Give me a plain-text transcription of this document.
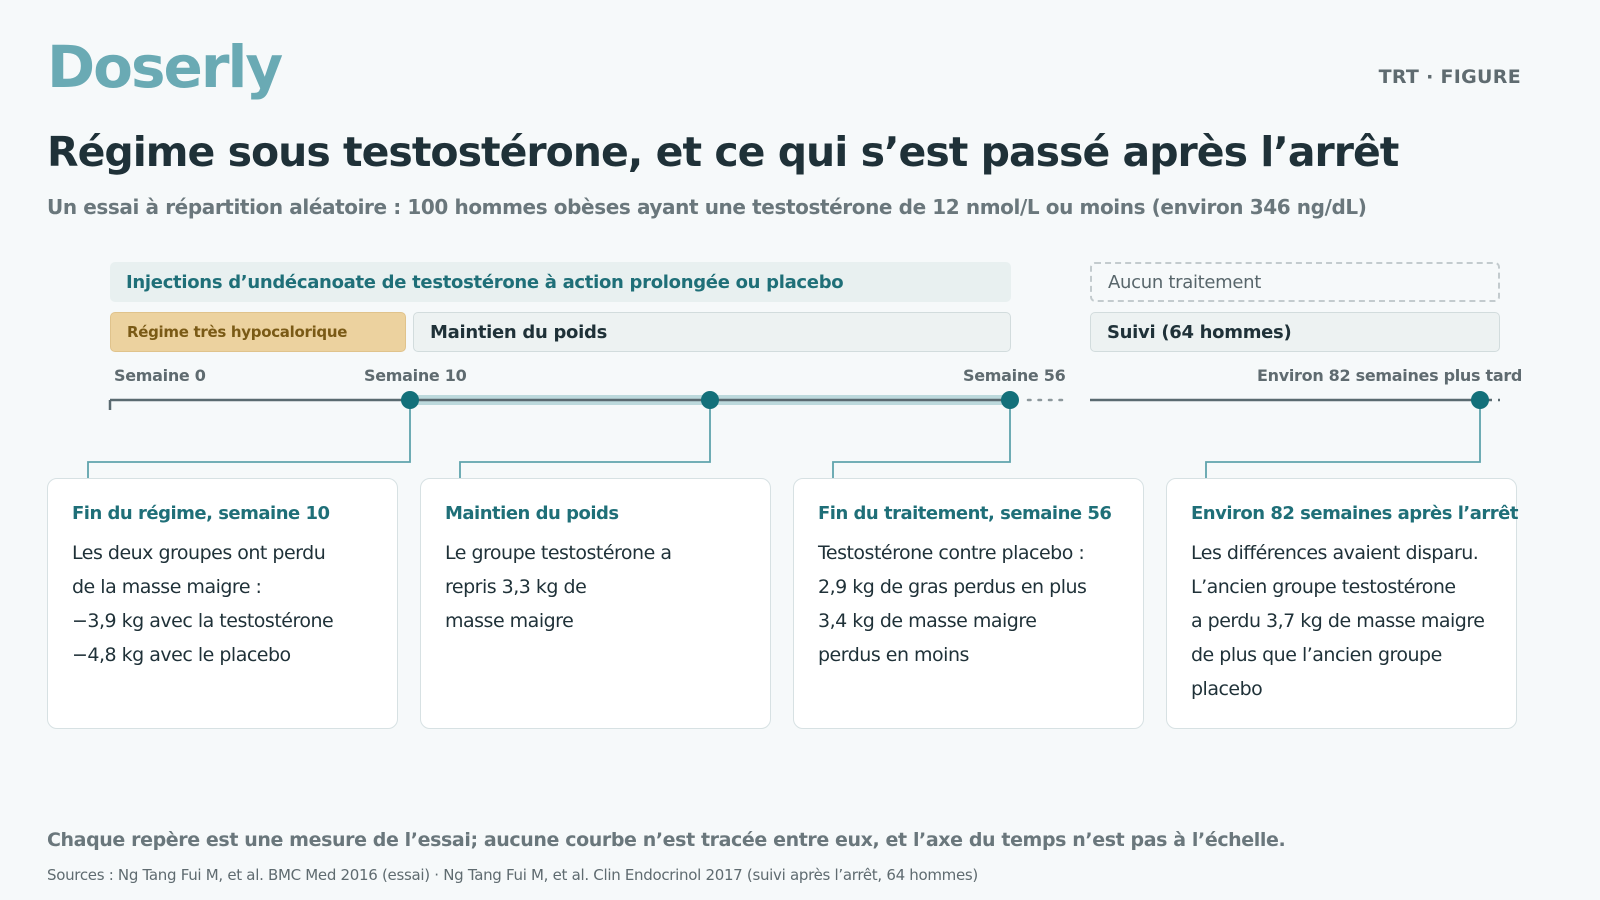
Doserly	TRT · FIGURE
Régime sous testostérone, et ce qui s’est passé après l’arrêt
Un essai à répartition aléatoire : 100 hommes obèses ayant une testostérone de 12 nmol/L ou moins (environ 346 ng/dL)
Injections d’undécanoate de testostérone à action prolongée ou placebo	Aucun traitement
Régime très hypocalorique	Maintien du poids	Suivi (64 hommes)
Semaine 0	Semaine 10	Semaine 56	Environ 82 semaines plus tard
Fin du régime, semaine 10
Les deux groupes ont perdu
de la masse maigre :
−3,9 kg avec la testostérone
−4,8 kg avec le placebo
Maintien du poids
Le groupe testostérone a
repris 3,3 kg de
masse maigre
Fin du traitement, semaine 56
Testostérone contre placebo :
2,9 kg de gras perdus en plus
3,4 kg de masse maigre
perdus en moins
Environ 82 semaines après l’arrêt
Les différences avaient disparu.
L’ancien groupe testostérone
a perdu 3,7 kg de masse maigre
de plus que l’ancien groupe
placebo
Chaque repère est une mesure de l’essai; aucune courbe n’est tracée entre eux, et l’axe du temps n’est pas à l’échelle.
Sources : Ng Tang Fui M, et al. BMC Med 2016 (essai) · Ng Tang Fui M, et al. Clin Endocrinol 2017 (suivi après l’arrêt, 64 hommes)
